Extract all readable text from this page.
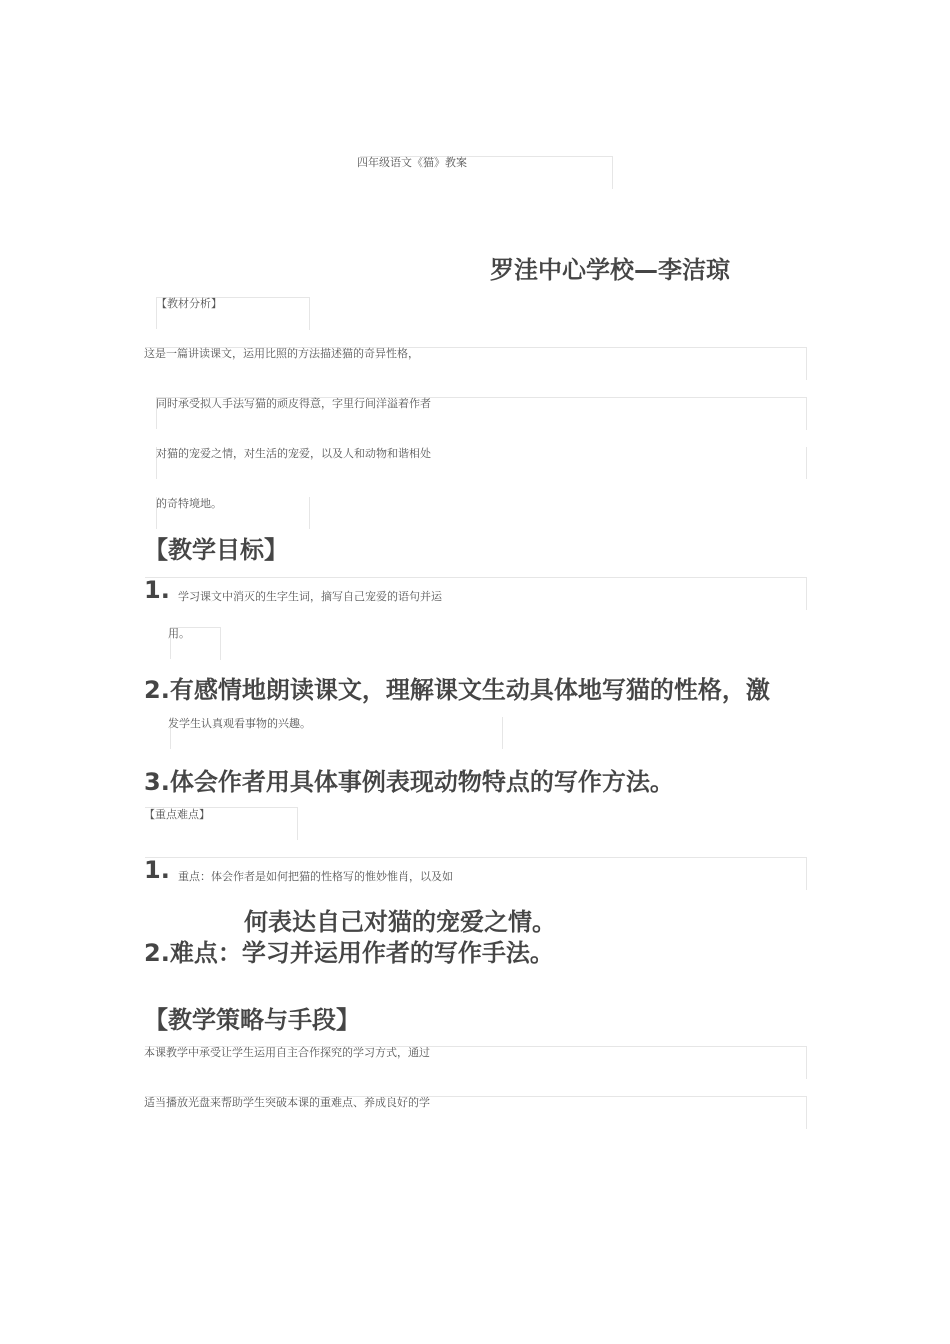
四年级语文《猫》教案
罗洼中心学校—李洁琼
【教材分析】
这是一篇讲读课文，运用比照的方法描述猫的奇异性格，
同时承受拟人手法写猫的顽皮得意，字里行间洋溢着作者
对猫的宠爱之情，对生活的宠爱，以及人和动物和谐相处
的奇特境地。
【教学目标】
1. 学习课文中消灭的生字生词，摘写自己宠爱的语句并运
用。
2.有感情地朗读课文，理解课文生动具体地写猫的性格，激
发学生认真观看事物的兴趣。
3.体会作者用具体事例表现动物特点的写作方法。
【重点难点】
1. 重点：体会作者是如何把猫的性格写的惟妙惟肖，以及如
何表达自己对猫的宠爱之情。
2.难点：学习并运用作者的写作手法。
【教学策略与手段】
本课教学中承受让学生运用自主合作探究的学习方式，通过
适当播放光盘来帮助学生突破本课的重难点、养成良好的学
